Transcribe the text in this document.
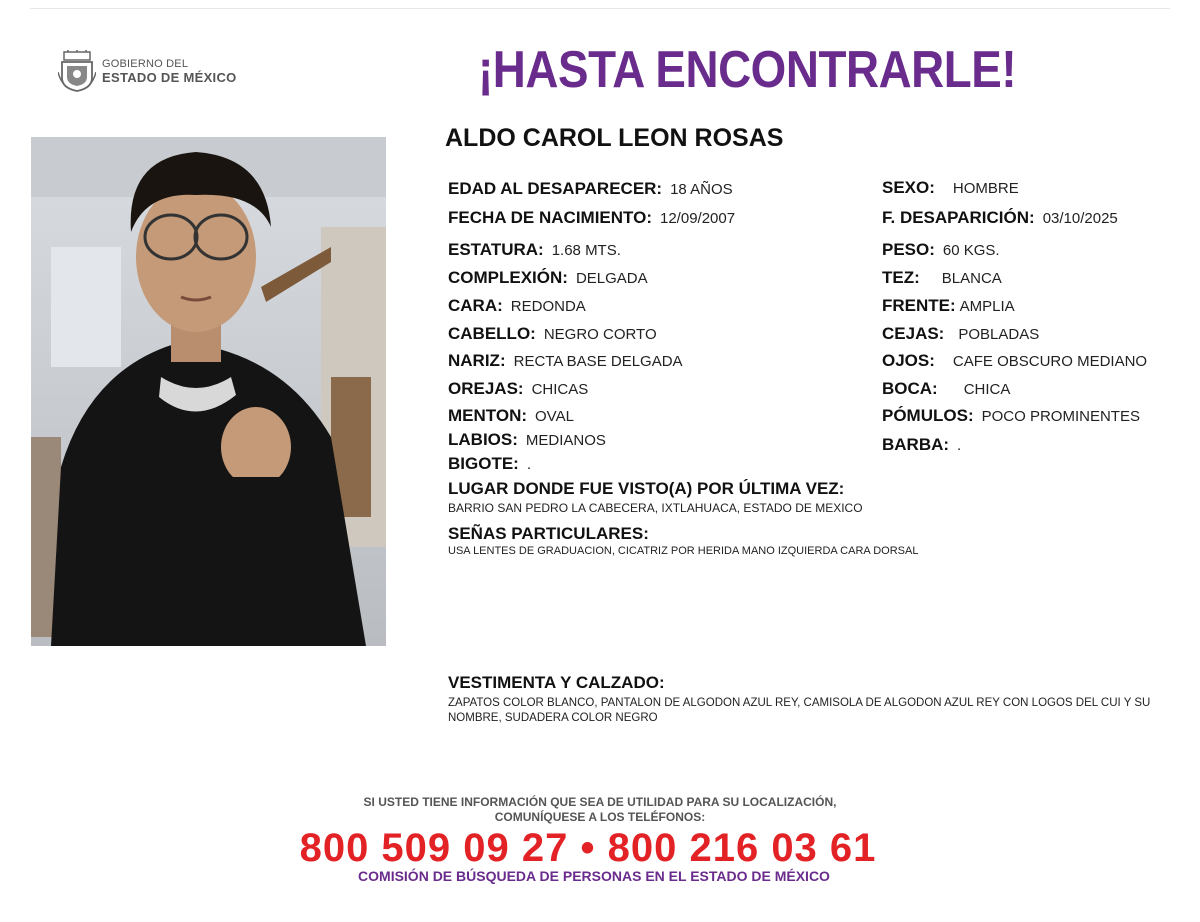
GOBIERNO DEL
ESTADO DE MÉXICO	¡HASTA ENCONTRARLE!
ALDO CAROL LEON ROSAS
EDAD AL DESAPARECER: 18 AÑOS
FECHA DE NACIMIENTO: 12/09/2007
ESTATURA: 1.68 MTS.
COMPLEXIÓN: DELGADA
CARA: REDONDA
CABELLO: NEGRO CORTO
NARIZ: RECTA BASE DELGADA
OREJAS: CHICAS
MENTON: OVAL
LABIOS: MEDIANOS
BIGOTE: .
SEXO: HOMBRE
F. DESAPARICIÓN: 03/10/2025
PESO: 60 KGS.
TEZ: BLANCA
FRENTE: AMPLIA
CEJAS: POBLADAS
OJOS: CAFE OBSCURO MEDIANO
BOCA: CHICA
PÓMULOS: POCO PROMINENTES
BARBA: .
LUGAR DONDE FUE VISTO(A) POR ÚLTIMA VEZ:
BARRIO SAN PEDRO LA CABECERA, IXTLAHUACA, ESTADO DE MEXICO
SEÑAS PARTICULARES:
USA LENTES DE GRADUACION, CICATRIZ POR HERIDA MANO IZQUIERDA CARA DORSAL
VESTIMENTA Y CALZADO:
ZAPATOS COLOR BLANCO, PANTALON DE ALGODON AZUL REY, CAMISOLA DE ALGODON AZUL REY CON LOGOS DEL CUI Y SU NOMBRE, SUDADERA COLOR NEGRO
SI USTED TIENE INFORMACIÓN QUE SEA DE UTILIDAD PARA SU LOCALIZACIÓN,
COMUNÍQUESE A LOS TELÉFONOS:
800 509 09 27 • 800 216 03 61
COMISIÓN DE BÚSQUEDA DE PERSONAS EN EL ESTADO DE MÉXICO
